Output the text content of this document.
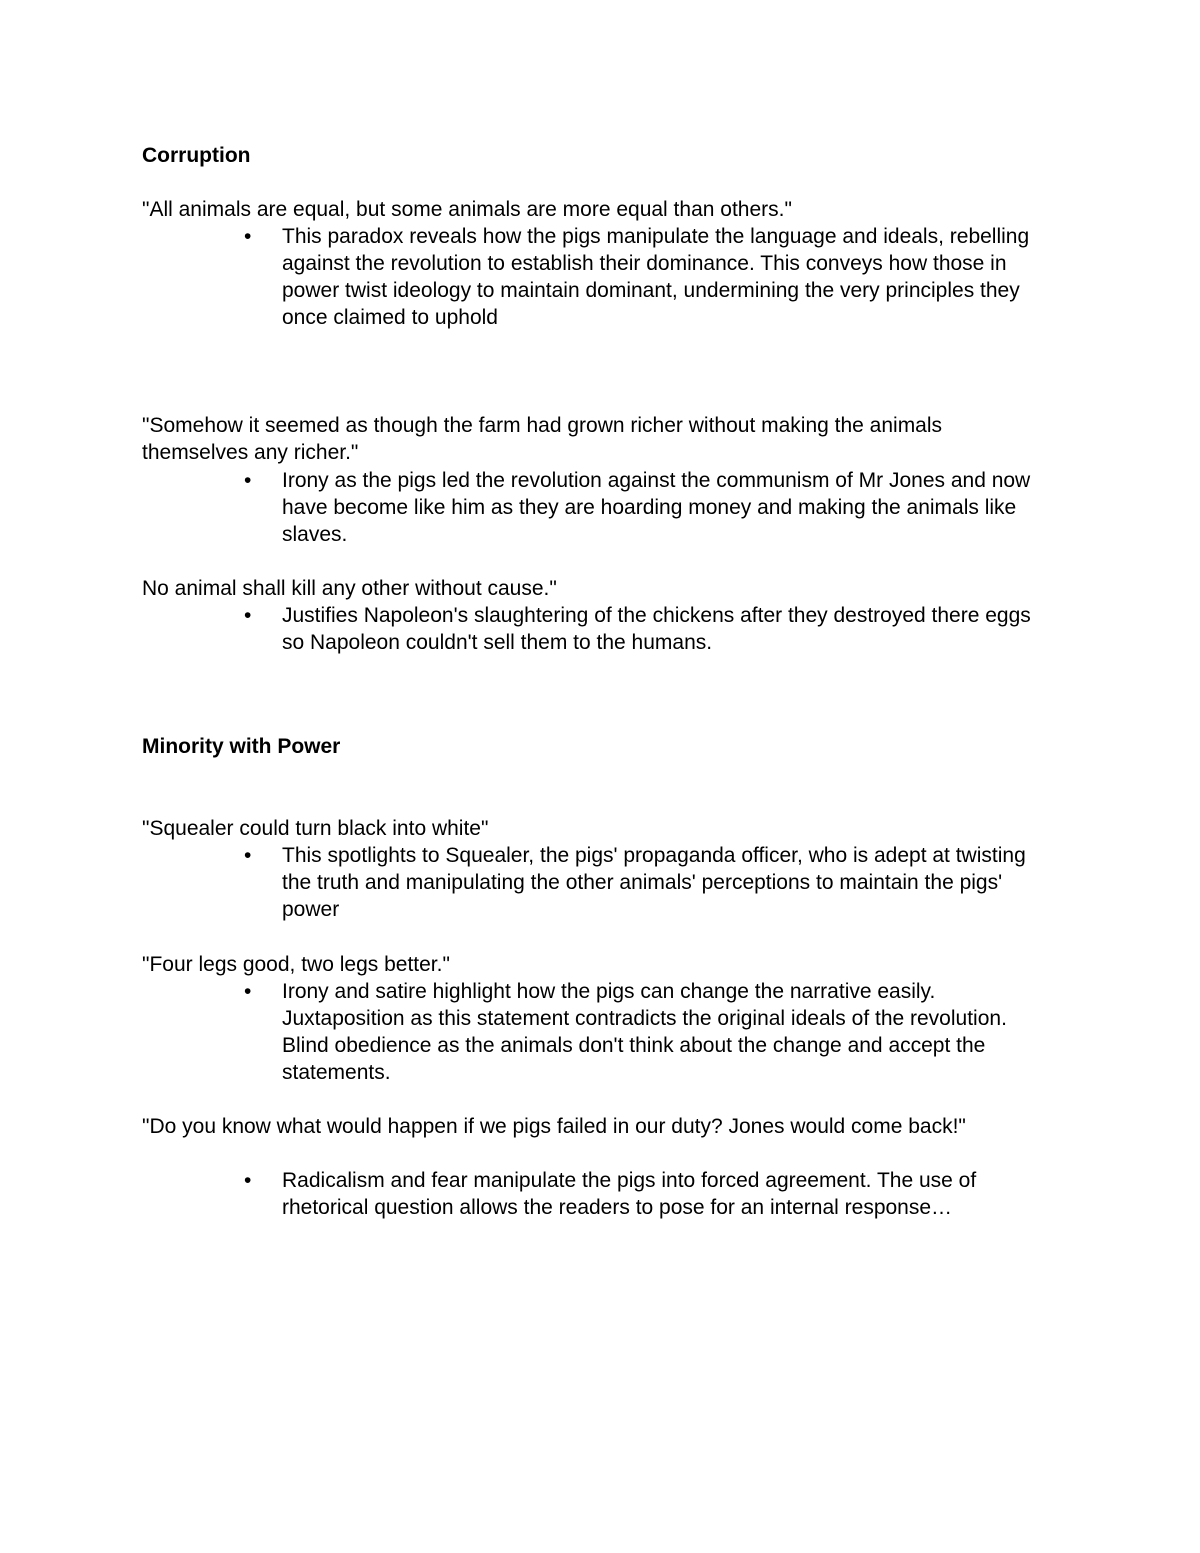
Corruption
"All animals are equal, but some animals are more equal than others."
•	This paradox reveals how the pigs manipulate the language and ideals, rebelling against the revolution to establish their dominance. This conveys how those in power twist ideology to maintain dominant, undermining the very principles they once claimed to uphold
"Somehow it seemed as though the farm had grown richer without making the animals themselves any richer."
•	Irony as the pigs led the revolution against the communism of Mr Jones and now have become like him as they are hoarding money and making the animals like slaves.
No animal shall kill any other without cause."
•	Justifies Napoleon's slaughtering of the chickens after they destroyed there eggs so Napoleon couldn't sell them to the humans.
Minority with Power
"Squealer could turn black into white"
•	This spotlights to Squealer, the pigs' propaganda officer, who is adept at twisting the truth and manipulating the other animals' perceptions to maintain the pigs' power
"Four legs good, two legs better."
•	Irony and satire highlight how the pigs can change the narrative easily. Juxtaposition as this statement contradicts the original ideals of the revolution. Blind obedience as the animals don't think about the change and accept the statements.
"Do you know what would happen if we pigs failed in our duty? Jones would come back!"
•	Radicalism and fear manipulate the pigs into forced agreement. The use of rhetorical question allows the readers to pose for an internal response…
